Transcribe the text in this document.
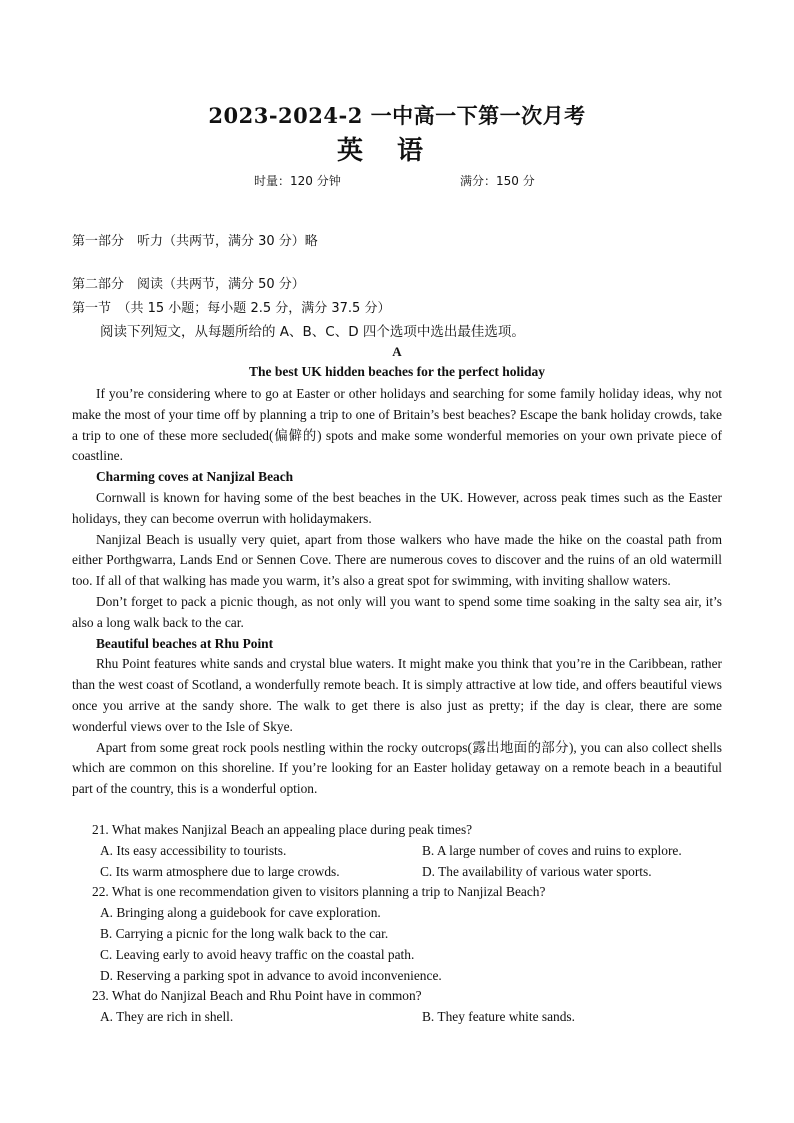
2023-2024-2 一中高一下第一次月考
英语
时量：120 分钟	满分：150 分
第一部分　听力（共两节，满分 30 分）略
第二部分　阅读（共两节，满分 50 分）
第一节　（共 15 小题；每小题 2.5 分，满分 37.5 分）
阅读下列短文，从每题所给的 A、B、C、D 四个选项中选出最佳选项。
A
The best UK hidden beaches for the perfect holiday

If you’re considering where to go at Easter or other holidays and searching for some family holiday ideas, why not make the most of your time off by planning a trip to one of Britain’s best beaches? Escape the bank holiday crowds, take a trip to one of these more secluded(偏僻的) spots and make some wonderful memories on your own private piece of coastline.

Charming coves at Nanjizal Beach

Cornwall is known for having some of the best beaches in the UK. However, across peak times such as the Easter holidays, they can become overrun with holidaymakers.

Nanjizal Beach is usually very quiet, apart from those walkers who have made the hike on the coastal path from either Porthgwarra, Lands End or Sennen Cove. There are numerous coves to discover and the ruins of an old watermill too. If all of that walking has made you warm, it’s also a great spot for swimming, with inviting shallow waters.

Don’t forget to pack a picnic though, as not only will you want to spend some time soaking in the salty sea air, it’s also a long walk back to the car.

Beautiful beaches at Rhu Point

Rhu Point features white sands and crystal blue waters. It might make you think that you’re in the Caribbean, rather than the west coast of Scotland, a wonderfully remote beach. It is simply attractive at low tide, and offers beautiful views once you arrive at the sandy shore. The walk to get there is also just as pretty; if the day is clear, there are some wonderful views over to the Isle of Skye.

Apart from some great rock pools nestling within the rocky outcrops(露出地面的部分), you can also collect shells which are common on this shoreline. If you’re looking for an Easter holiday getaway on a remote beach in a beautiful part of the country, this is a wonderful option.

21. What makes Nanjizal Beach an appealing place during peak times?
A. Its easy accessibility to tourists.	B. A large number of coves and ruins to explore.
C. Its warm atmosphere due to large crowds.	D. The availability of various water sports.
22. What is one recommendation given to visitors planning a trip to Nanjizal Beach?
A. Bringing along a guidebook for cave exploration.
B. Carrying a picnic for the long walk back to the car.
C. Leaving early to avoid heavy traffic on the coastal path.
D. Reserving a parking spot in advance to avoid inconvenience.
23. What do Nanjizal Beach and Rhu Point have in common?
A. They are rich in shell.	B. They feature white sands.
